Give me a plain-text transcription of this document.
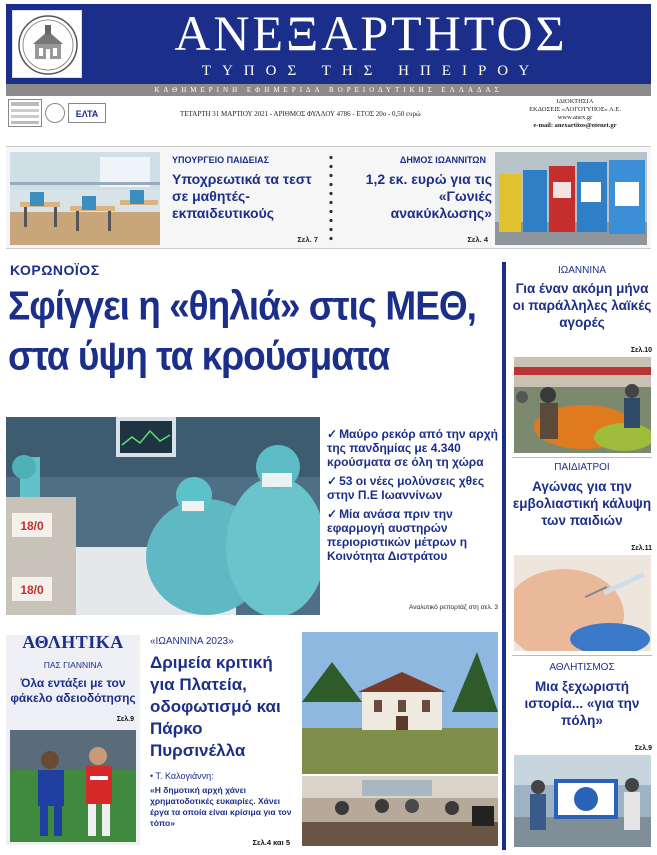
ΑΝΕΞΑΡΤΗΤΟΣ
ΤΥΠΟΣ ΤΗΣ ΗΠΕΙΡΟΥ
ΚΑΘΗΜΕΡΙΝΗ ΕΦΗΜΕΡΙΔΑ ΒΟΡΕΙΟΔΥΤΙΚΗΣ ΕΛΛΑΔΑΣ
ΕΛΤΑ	ΤΕΤΑΡΤΗ 31 ΜΑΡΤΙΟΥ 2021 - ΑΡΙΘΜΟΣ ΦΥΛΛΟΥ 4786 - ΕΤΟΣ 20ο - 0,50 ευρώ
ΙΔΙΟΚΤΗΣΙΑ
ΕΚΔΟΣΕΙΣ «ΛΟΓΟΤΥΠΟΣ» Α.Ε.
www.anex.gr
e-mail: anexartitos@otenet.gr
ΥΠΟΥΡΓΕΙΟ ΠΑΙΔΕΙΑΣ
Υποχρεωτικά τα τεστ σε μαθητές-εκπαιδευτικούς
Σελ. 7
ΔΗΜΟΣ ΙΩΑΝΝΙΤΩΝ
1,2 εκ. ευρώ για τις «Γωνιές ανακύκλωσης»
Σελ. 4
ΚΟΡΩΝΟΪΟΣ
Σφίγγει η «θηλιά» στις ΜΕΘ,
στα ύψη τα κρούσματα
18/0
18/0
✓ Μαύρο ρεκόρ από την αρχή της πανδημίας με 4.340 κρούσματα σε όλη τη χώρα
✓ 53 οι νέες μολύνσεις χθες στην Π.Ε Ιωαννίνων
✓ Μία ανάσα πριν την εφαρμογή αυστηρών περιοριστικών μέτρων η Κοινότητα Διστράτου
Αναλυτικό ρεπορτάζ στη σελ. 3
ΙΩΑΝΝΙΝΑ
Για έναν ακόμη μήνα οι παράλληλες λαϊκές αγορές
Σελ.10
ΠΑΙΔΙΑΤΡΟΙ
Αγώνας για την εμβολιαστική κάλυψη των παιδιών
Σελ.11
ΑΘΛΗΤΙΣΜΟΣ
Μια ξεχωριστή ιστορία... «για την πόλη»
Σελ.9
ΑΘΛΗΤΙΚΑ
ΠΑΣ ΓΙΑΝΝΙΝΑ
Όλα εντάξει με τον φάκελο αδειοδότησης
Σελ.9
«ΙΩΑΝΝΙΝΑ 2023»
Δριμεία κριτική για Πλατεία, οδοφωτισμό και Πάρκο Πυρσινέλλα
• Τ. Καλογιάννη:
«Η δημοτική αρχή χάνει χρηματοδοτικές ευκαιρίες. Χάνει έργα τα οποία είναι κρίσιμα για τον τόπο»
Σελ.4 και 5
